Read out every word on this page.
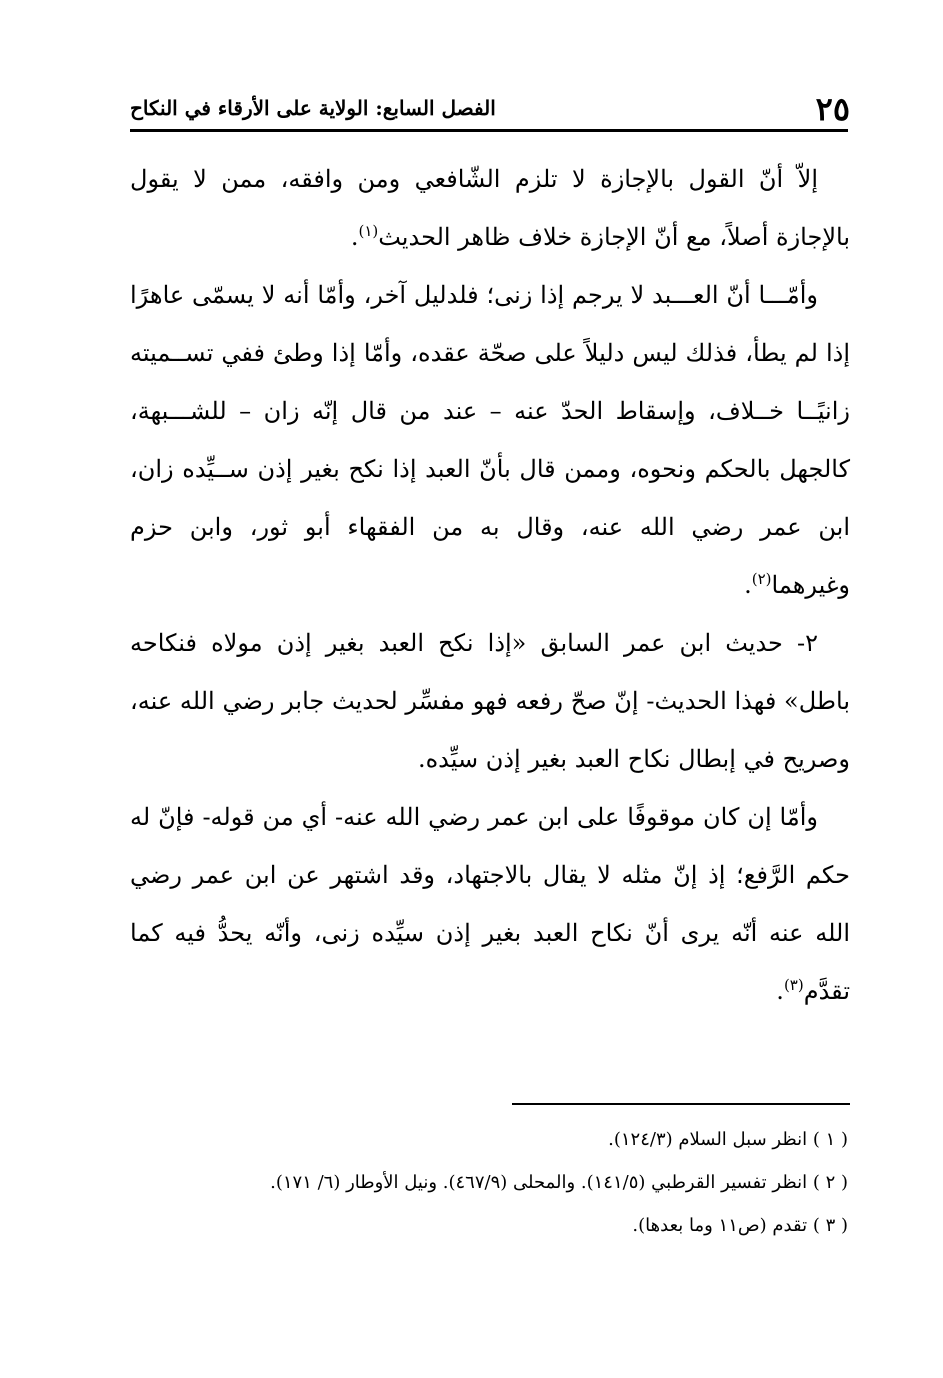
٢٥
الفصل السابع: الولاية على الأرقاء في النكاح

إلاّ أنّ القول بالإجازة لا تلزم الشّافعي ومن وافقه، ممن لا يقول بالإجازة أصلاً، مع أنّ الإجازة خلاف ظاهر الحديث$^{(١)}$.

وأمّـــا أنّ العـــبد لا يرجم إذا زنى؛ فلدليل آخر، وأمّا أنه لا يسمّى عاهرًا إذا لم يطأ، فذلك ليس دليلاً على صحّة عقده، وأمّا إذا وطئ ففي تســميته زانيًــا خــلاف، وإسقاط الحدّ عنه – عند من قال إنّه زان – للشـــبهة، كالجهل بالحكم ونحوه، وممن قال بأنّ العبد إذا نكح بغير إذن ســيِّده زان، ابن عمر رضي الله عنه، وقال به من الفقهاء أبو ثور، وابن حزم وغيرهما$^{(٢)}$.

٢- حديث ابن عمر السابق «إذا نكح العبد بغير إذن مولاه فنكاحه باطل» فهذا الحديث- إنّ صحّ رفعه فهو مفسِّر لحديث جابر رضي الله عنه، وصريح في إبطال نكاح العبد بغير إذن سيِّده.

وأمّا إن كان موقوفًا على ابن عمر رضي الله عنه- أي من قوله- فإنّ له حكم الرَّفع؛ إذ إنّ مثله لا يقال بالاجتهاد، وقد اشتهر عن ابن عمر رضي الله عنه أنّه يرى أنّ نكاح العبد بغير إذن سيِّده زنى، وأنّه يحدُّ فيه كما تقدَّم$^{(٣)}$.

( ١ ) انظر سبل السلام (١٢٤/٣).

( ٢ ) انظر تفسير القرطبي (١٤١/٥). والمحلى (٤٦٧/٩). ونيل الأوطار (٦/ ١٧١).

( ٣ ) تقدم (ص١١ وما بعدها).
